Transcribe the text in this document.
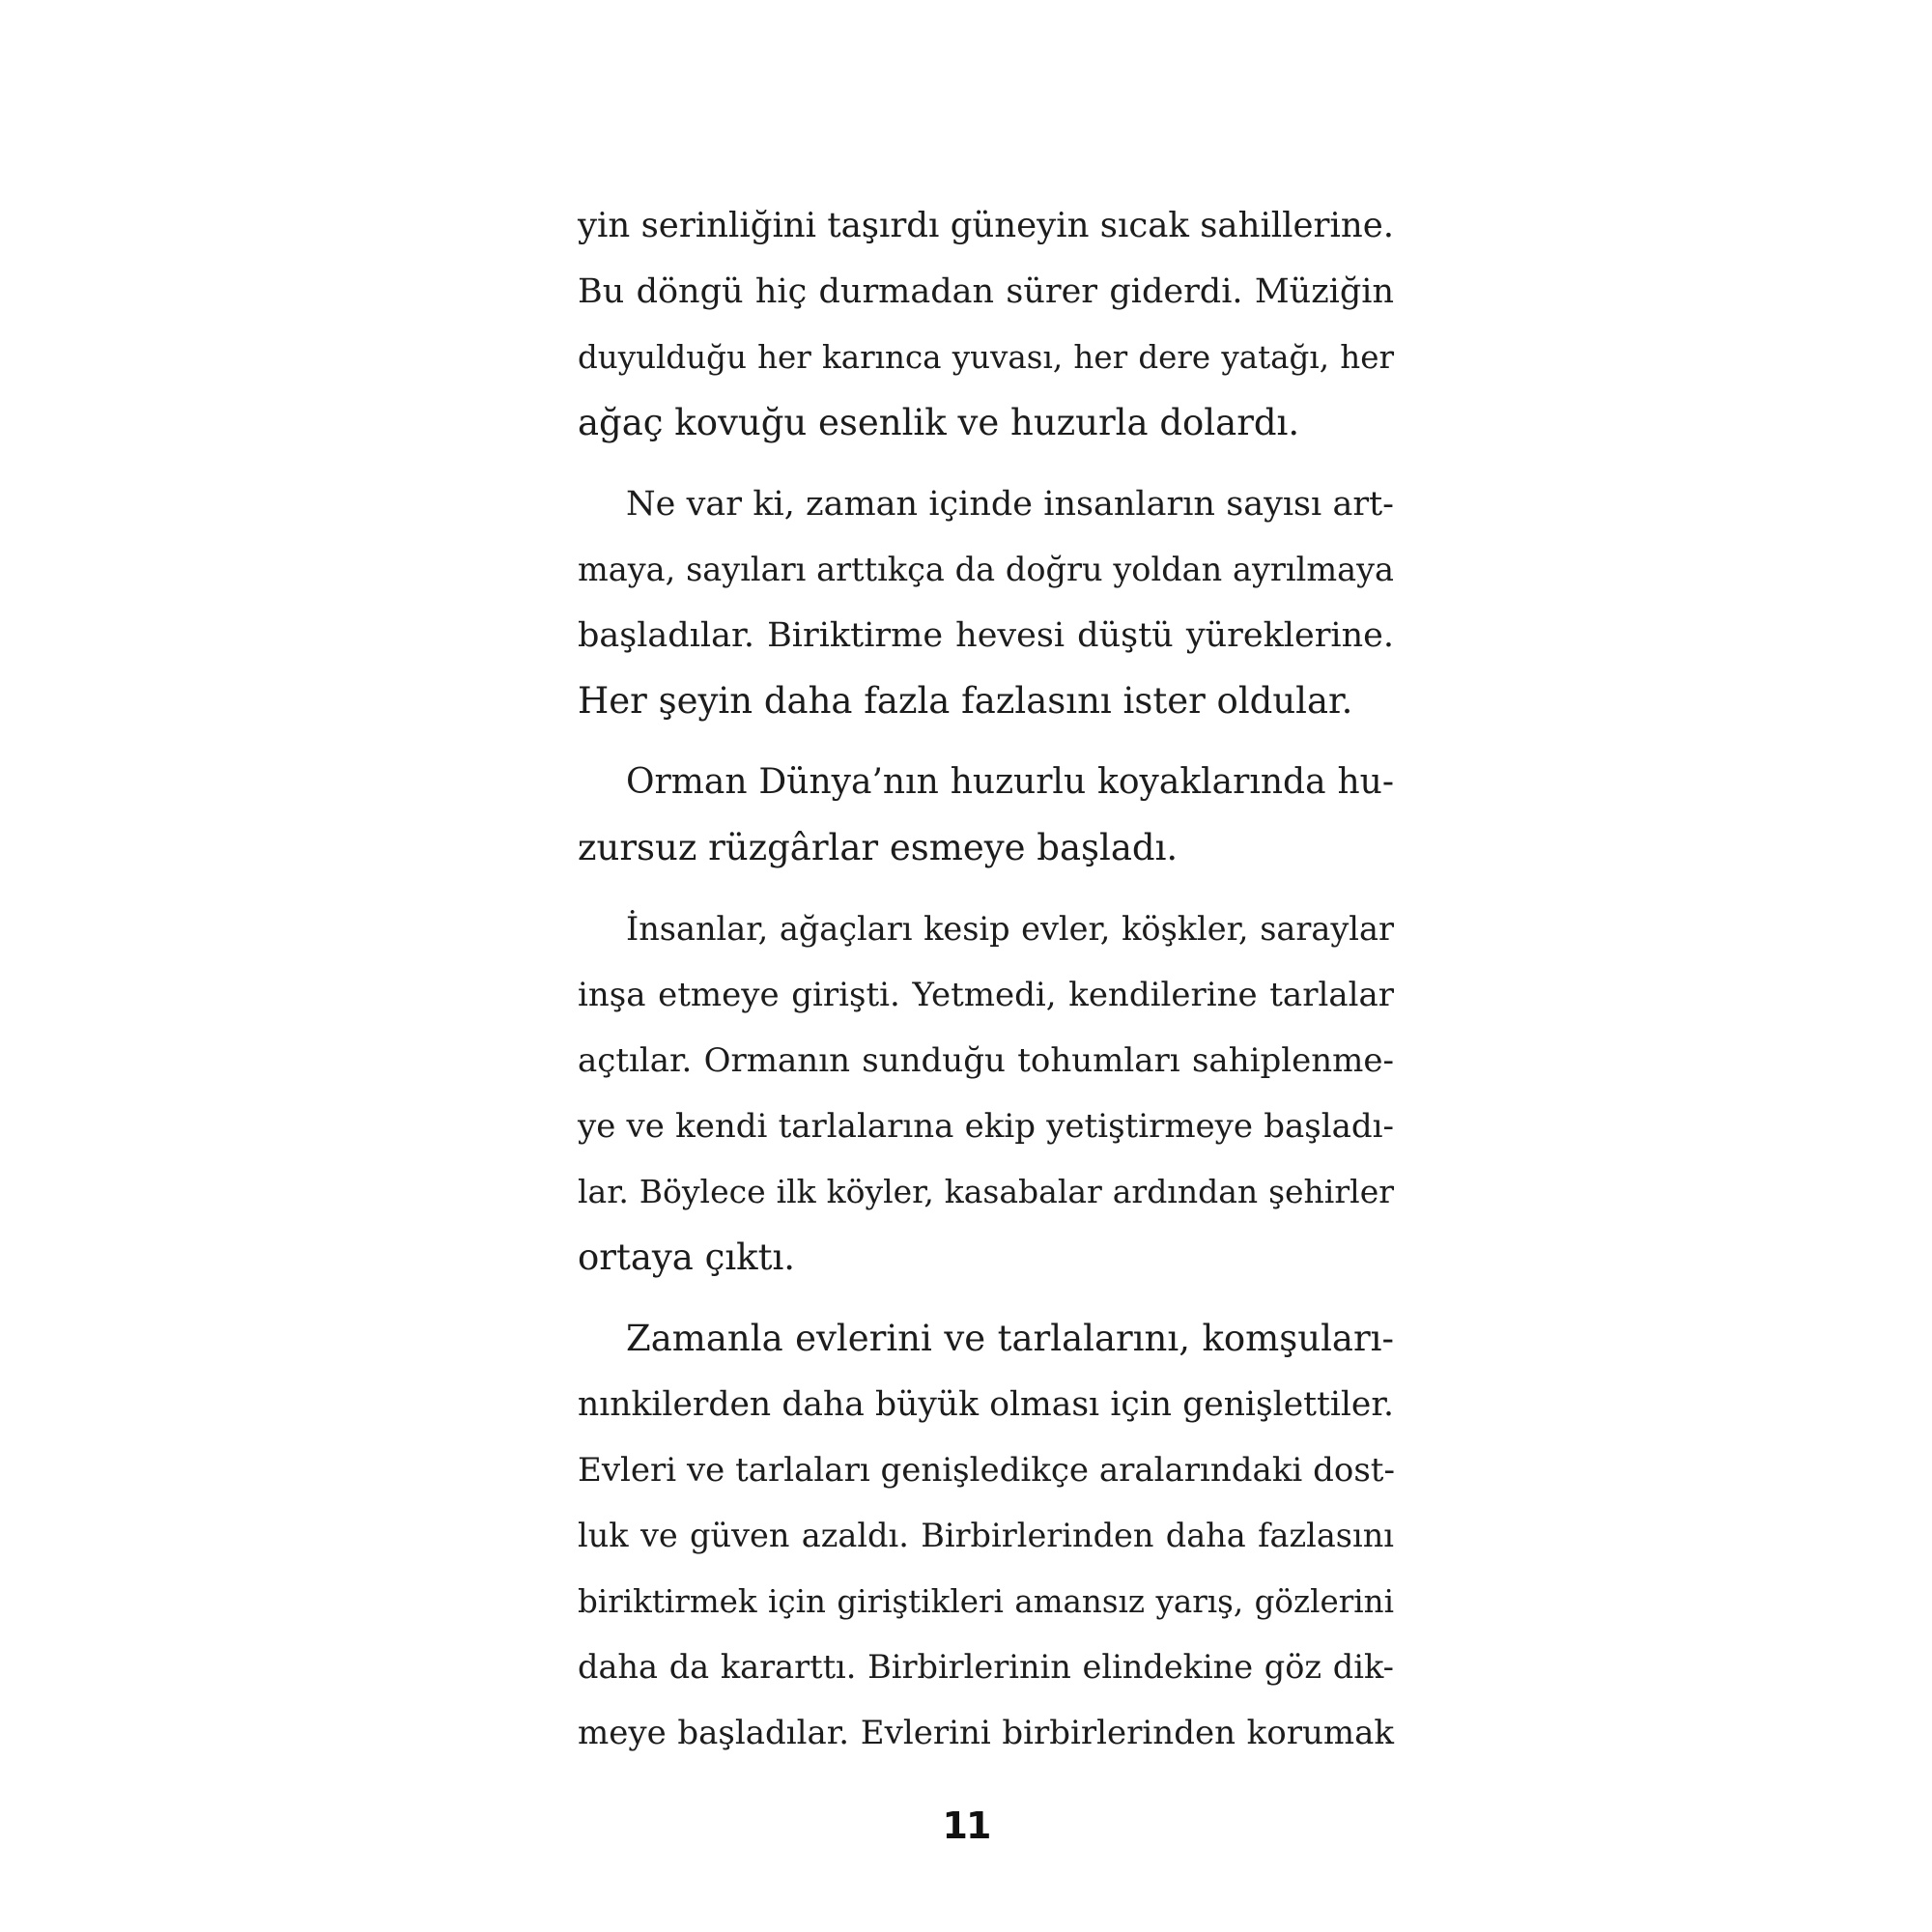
yin serinliğini taşırdı güneyin sıcak sahillerine.
Bu döngü hiç durmadan sürer giderdi. Müziğin
duyulduğu her karınca yuvası, her dere yatağı, her
ağaç kovuğu esenlik ve huzurla dolardı.
Ne var ki, zaman içinde insanların sayısı art-
maya, sayıları arttıkça da doğru yoldan ayrılmaya
başladılar. Biriktirme hevesi düştü yüreklerine.
Her şeyin daha fazla fazlasını ister oldular.
Orman Dünya’nın huzurlu koyaklarında hu-
zursuz rüzgârlar esmeye başladı.
İnsanlar, ağaçları kesip evler, köşkler, saraylar
inşa etmeye girişti. Yetmedi, kendilerine tarlalar
açtılar. Ormanın sunduğu tohumları sahiplenme-
ye ve kendi tarlalarına ekip yetiştirmeye başladı-
lar. Böylece ilk köyler, kasabalar ardından şehirler
ortaya çıktı.
Zamanla evlerini ve tarlalarını, komşuları-
nınkilerden daha büyük olması için genişlettiler.
Evleri ve tarlaları genişledikçe aralarındaki dost-
luk ve güven azaldı. Birbirlerinden daha fazlasını
biriktirmek için giriştikleri amansız yarış, gözlerini
daha da kararttı. Birbirlerinin elindekine göz dik-
meye başladılar. Evlerini birbirlerinden korumak
11
